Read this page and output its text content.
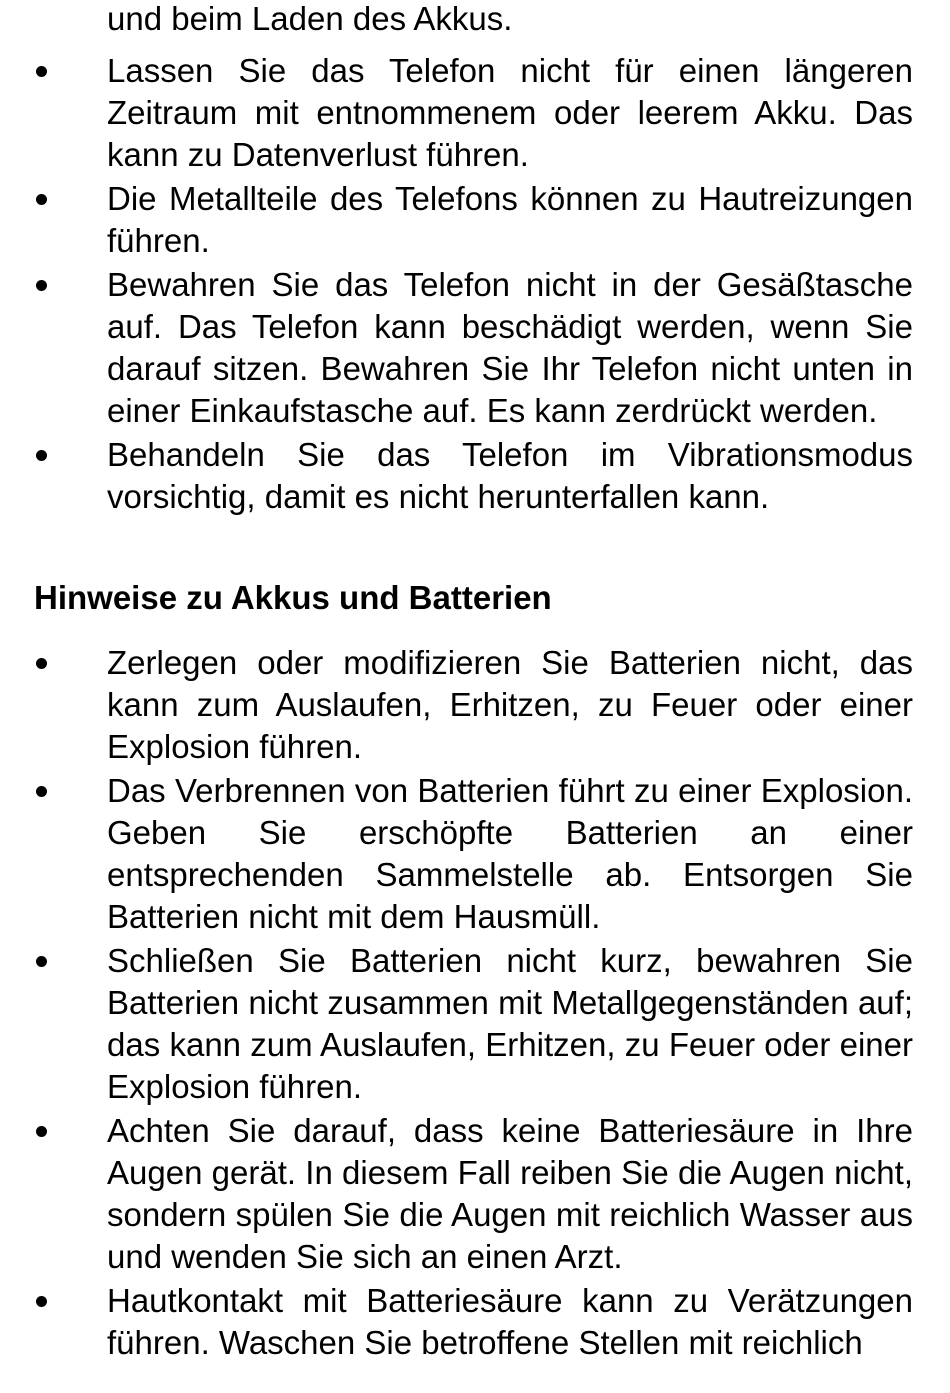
und beim Laden des Akkus.

Lassen Sie das Telefon nicht für einen längeren Zeitraum mit entnommenem oder leerem Akku. Das kann zu Datenverlust führen.
Die Metallteile des Telefons können zu Hautreizungen führen.
Bewahren Sie das Telefon nicht in der Gesäßtasche auf. Das Telefon kann beschädigt werden, wenn Sie darauf sitzen. Bewahren Sie Ihr Telefon nicht unten in einer Einkaufstasche auf. Es kann zerdrückt werden.
Behandeln Sie das Telefon im Vibrationsmodus vorsichtig, damit es nicht herunterfallen kann.
Hinweise zu Akkus und Batterien
Zerlegen oder modifizieren Sie Batterien nicht, das kann zum Auslaufen, Erhitzen, zu Feuer oder einer Explosion führen.
Das Verbrennen von Batterien führt zu einer Explosion. Geben Sie erschöpfte Batterien an einer entsprechenden Sammelstelle ab. Entsorgen Sie Batterien nicht mit dem Hausmüll.
Schließen Sie Batterien nicht kurz, bewahren Sie Batterien nicht zusammen mit Metallgegenständen auf; das kann zum Auslaufen, Erhitzen, zu Feuer oder einer Explosion führen.
Achten Sie darauf, dass keine Batteriesäure in Ihre Augen gerät. In diesem Fall reiben Sie die Augen nicht, sondern spülen Sie die Augen mit reichlich Wasser aus und wenden Sie sich an einen Arzt.
Hautkontakt mit Batteriesäure kann zu Verätzungen führen. Waschen Sie betroffene Stellen mit reichlich
